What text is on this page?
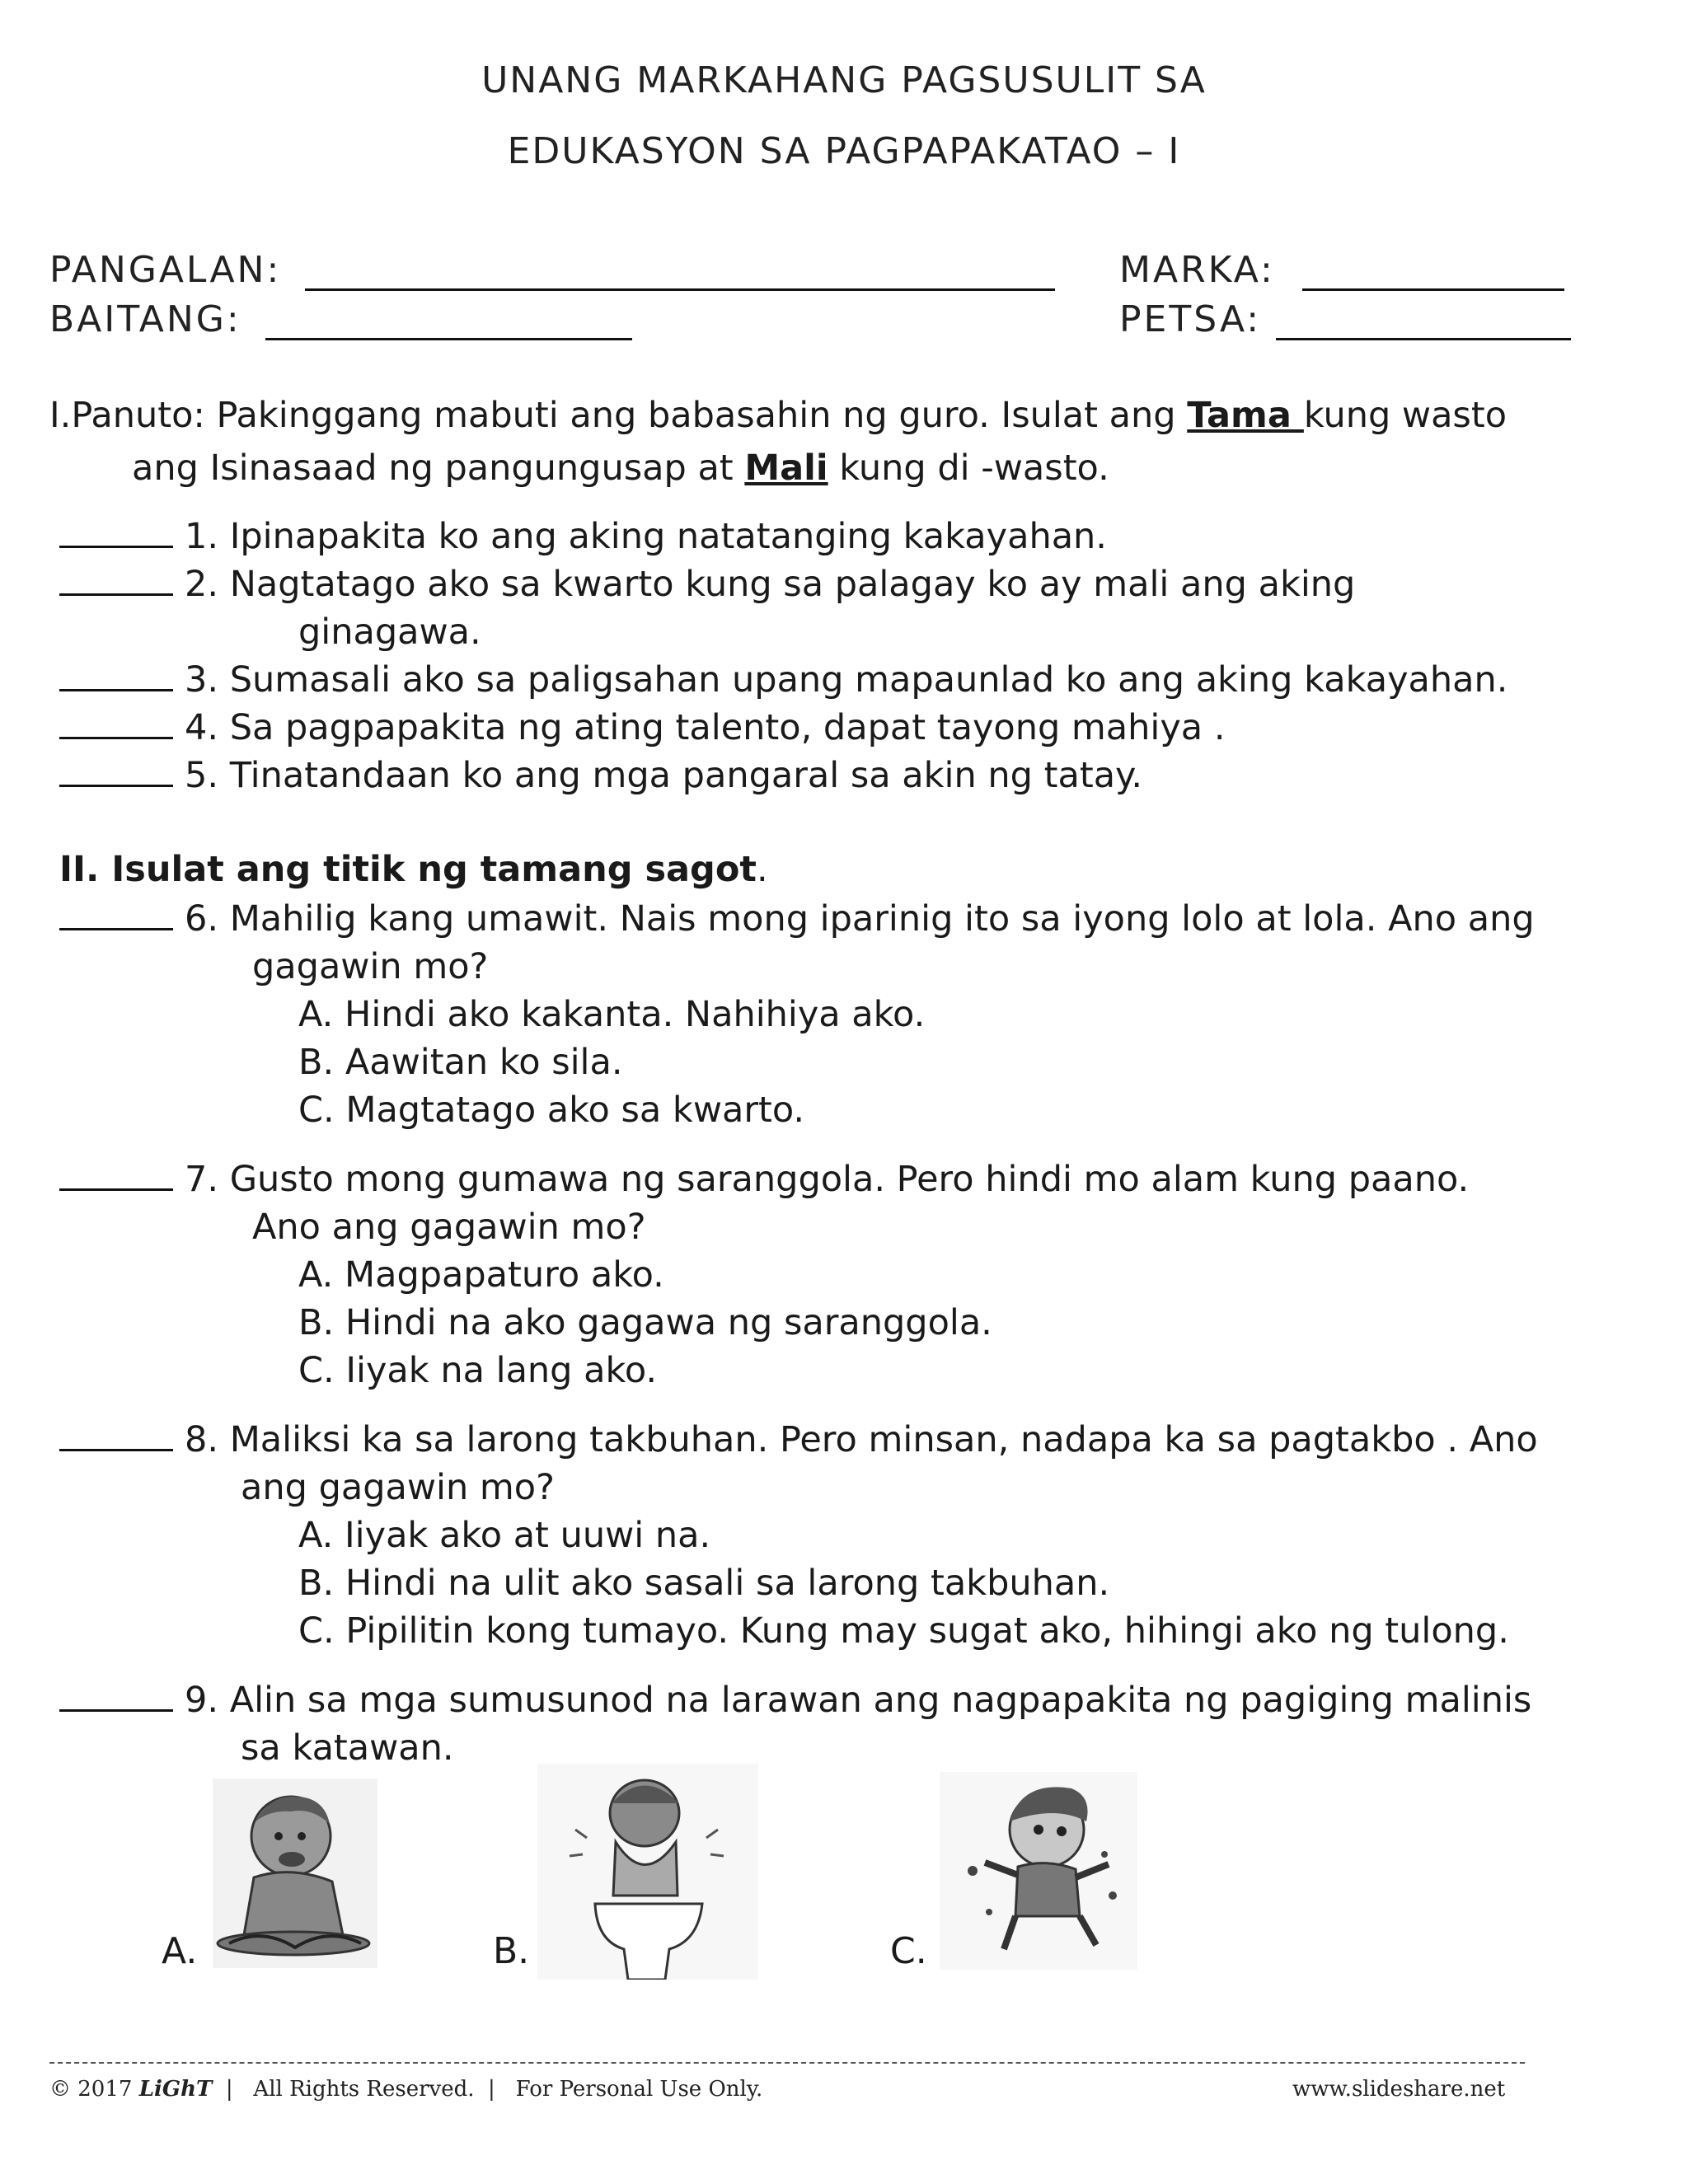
UNANG MARKAHANG PAGSUSULIT SA
EDUKASYON SA PAGPAPAKATAO – I
PANGALAN:
BAITANG:
MARKA:
PETSA:
I.Panuto: Pakinggang mabuti ang babasahin ng guro. Isulat ang Tama kung wasto
ang Isinasaad ng pangungusap at Mali kung di -wasto.
1. Ipinapakita ko ang aking natatanging kakayahan.
2. Nagtatago ako sa kwarto kung sa palagay ko ay mali ang aking
ginagawa.
3. Sumasali ako sa paligsahan upang mapaunlad ko ang aking kakayahan.
4. Sa pagpapakita ng ating talento, dapat tayong mahiya .
5. Tinatandaan ko ang mga pangaral sa akin ng tatay.
II. Isulat ang titik ng tamang sagot.
6. Mahilig kang umawit. Nais mong iparinig ito sa iyong lolo at lola. Ano ang
gagawin mo?
A. Hindi ako kakanta. Nahihiya ako.
B. Aawitan ko sila.
C. Magtatago ako sa kwarto.
7. Gusto mong gumawa ng saranggola. Pero hindi mo alam kung paano.
Ano ang gagawin mo?
A. Magpapaturo ako.
B. Hindi na ako gagawa ng saranggola.
C. Iiyak na lang ako.
8. Maliksi ka sa larong takbuhan. Pero minsan, nadapa ka sa pagtakbo . Ano
ang gagawin mo?
A. Iiyak ako at uuwi na.
B. Hindi na ulit ako sasali sa larong takbuhan.
C. Pipilitin kong tumayo. Kung may sugat ako, hihingi ako ng tulong.
9. Alin sa mga sumusunod na larawan ang nagpapakita ng pagiging malinis
sa katawan.
A.	B.	C.
© 2017 LiGhT  |   All Rights Reserved.  |   For Personal Use Only.	www.slideshare.net
